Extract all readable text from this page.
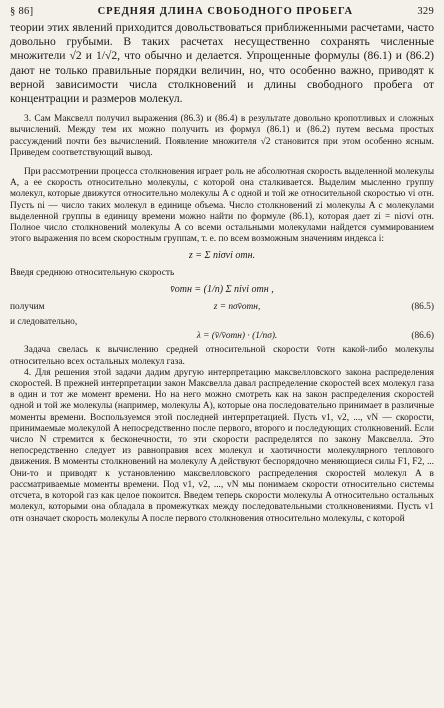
§ 86]	СРЕДНЯЯ ДЛИНА СВОБОДНОГО ПРОБЕГА	329

теории этих явлений приходится довольствоваться приближенными расчетами, часто довольно грубыми. В таких расчетах несущественно сохранять численные множители √2 и 1/√2, что обычно и делается. Упрощенные формулы (86.1) и (86.2) дают не только правильные порядки величин, но, что особенно важно, приводят к верной зависимости числа столкновений и длины свободного пробега от концентрации и размеров молекул.

3. Сам Максвелл получил выражения (86.3) и (86.4) в результате довольно кропотливых и сложных вычислений. Между тем их можно получить из формул (86.1) и (86.2) путем весьма простых рассуждений почти без вычислений. Появление множителя √2 становится при этом особенно ясным. Приведем соответствующий вывод.

При рассмотрении процесса столкновения играет роль не абсолютная скорость выделенной молекулы A, а ее скорость относительно молекулы, с которой она сталкивается. Выделим мысленно группу молекул, которые движутся относительно молекулы A с одной и той же относительной скоростью vi отн. Пусть ni — число таких молекул в единице объема. Число столкновений zi молекулы A с молекулами выделенной группы в единицу времени можно найти по формуле (86.1), которая дает zi = niσvi отн. Полное число столкновений молекулы A со всеми остальными молекулами найдется суммированием этого выражения по всем скоростным группам, т. е. по всем возможным значениям индекса i:

z = Σ niσvi отн.
Введя среднюю относительную скорость
v̄отн = (1/n) Σ nivi отн ,
получим	z = nσv̄отн,	(86.5)
и следовательно,
λ = (v̄/v̄отн) · (1/nσ).	(86.6)

Задача свелась к вычислению средней относительной скорости v̄отн какой-либо молекулы относительно всех остальных молекул газа.

4. Для решения этой задачи дадим другую интерпретацию максвелловского закона распределения скоростей. В прежней интерпретации закон Максвелла давал распределение скоростей всех молекул газа в один и тот же момент времени. Но на него можно смотреть как на закон распределения скоростей одной и той же молекулы (например, молекулы A), которые она последовательно принимает в различные моменты времени. Воспользуемся этой последней интерпретацией. Пусть v1, v2, ..., vN — скорости, принимаемые молекулой A непосредственно после первого, второго и последующих столкновений. Если число N стремится к бесконечности, то эти скорости распределятся по закону Максвелла. Это непосредственно следует из равноправия всех молекул и хаотичности молекулярного теплового движения. В моменты столкновений на молекулу A действуют беспорядочно меняющиеся силы F1, F2, ... Они-то и приводят к установлению максвелловского распределения скоростей молекул A в рассматриваемые моменты времени. Под v1, v2, ..., vN мы понимаем скорости относительно системы отсчета, в которой газ как целое покоится. Введем теперь скорости молекулы A относительно остальных молекул, которыми она обладала в промежутках между последовательными столкновениями. Пусть v1 отн означает скорость молекулы A после первого столкновения относительно молекулы, с которой
